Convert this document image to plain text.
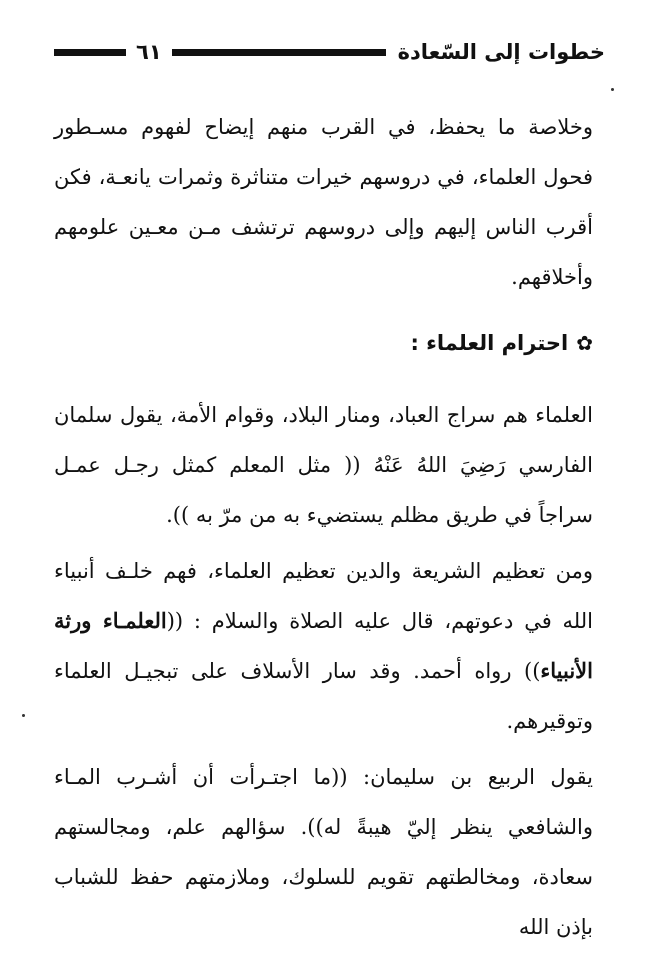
خطوات إلى السّعادة
٦١

وخلاصة ما يحفظ، في القرب منهم إيضاح لفهوم مسـطور فحول العلماء، في دروسهم خيرات متناثرة وثمرات يانعـة، فكن أقرب الناس إليهم وإلى دروسهم ترتشف مـن معـين علومهم وأخلاقهم.

✿
احترام العلماء :

العلماء هم سراج العباد، ومنار البلاد، وقوام الأمة، يقول سلمان الفارسي رَضِيَ اللهُ عَنْهُ (( مثل المعلم كمثل رجـل عمـل سراجاً في طريق مظلم يستضيء به من مرّ به )).

ومن تعظيم الشريعة والدين تعظيم العلماء، فهم خلـف أنبياء الله في دعوتهم، قال عليه الصلاة والسلام : ((العلمـاء ورثة الأنبياء)) رواه أحمد. وقد سار الأسلاف على تبجيـل العلماء وتوقيرهم.

يقول الربيع بن سليمان: ((ما اجتـرأت أن أشـرب المـاء والشافعي ينظر إليّ هيبةً له)). سؤالهم علم، ومجالستهم سعادة، ومخالطتهم تقويم للسلوك، وملازمتهم حفظ للشباب بإذن الله
